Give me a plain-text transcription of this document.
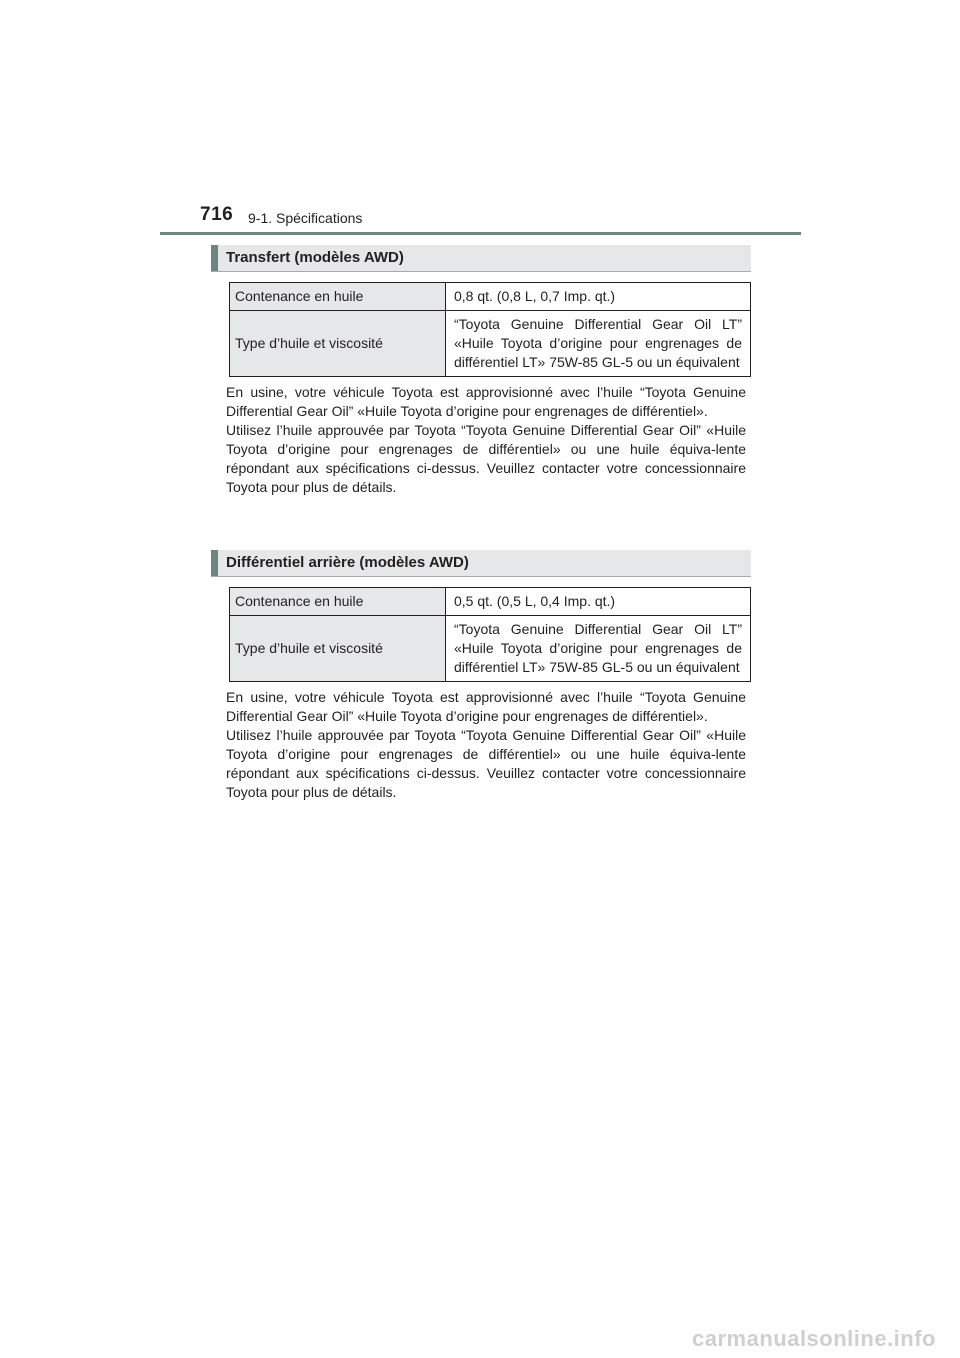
716 9-1. Spécifications
Transfert (modèles AWD)
Contenance en huile	0,8 qt. (0,8 L, 0,7 Imp. qt.)
Type d’huile et viscosité	“Toyota Genuine Differential Gear Oil LT” «Huile Toyota d’origine pour engrenages de différentiel LT» 75W-85 GL-5 ou un équivalent

En usine, votre véhicule Toyota est approvisionné avec l’huile “Toyota Genuine Differential Gear Oil” «Huile Toyota d’origine pour engrenages de différentiel».

Utilisez l’huile approuvée par Toyota “Toyota Genuine Differential Gear Oil” «Huile Toyota d’origine pour engrenages de différentiel» ou une huile équiva-lente répondant aux spécifications ci-dessus. Veuillez contacter votre concessionnaire Toyota pour plus de détails.

Différentiel arrière (modèles AWD)
Contenance en huile	0,5 qt. (0,5 L, 0,4 Imp. qt.)
Type d’huile et viscosité	“Toyota Genuine Differential Gear Oil LT” «Huile Toyota d’origine pour engrenages de différentiel LT» 75W-85 GL-5 ou un équivalent

En usine, votre véhicule Toyota est approvisionné avec l’huile “Toyota Genuine Differential Gear Oil” «Huile Toyota d’origine pour engrenages de différentiel».

Utilisez l’huile approuvée par Toyota “Toyota Genuine Differential Gear Oil” «Huile Toyota d’origine pour engrenages de différentiel» ou une huile équiva-lente répondant aux spécifications ci-dessus. Veuillez contacter votre concessionnaire Toyota pour plus de détails.

carmanualsonline.info
